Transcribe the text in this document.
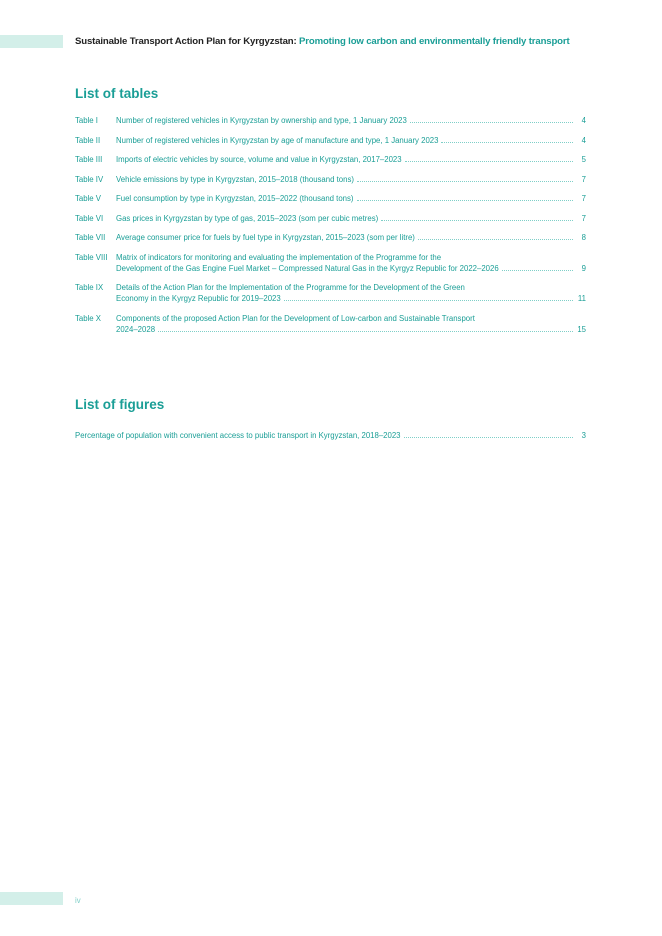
Sustainable Transport Action Plan for Kyrgyzstan: Promoting low carbon and environmentally friendly transport
List of tables
Table I	Number of registered vehicles in Kyrgyzstan by ownership and type, 1 January 2023	4
Table II	Number of registered vehicles in Kyrgyzstan by age of manufacture and type, 1 January 2023	4
Table III	Imports of electric vehicles by source, volume and value in Kyrgyzstan, 2017–2023	5
Table IV	Vehicle emissions by type in Kyrgyzstan, 2015–2018 (thousand tons)	7
Table V	Fuel consumption by type in Kyrgyzstan, 2015–2022 (thousand tons)	7
Table VI	Gas prices in Kyrgyzstan by type of gas, 2015–2023 (som per cubic metres)	7
Table VII	Average consumer price for fuels by fuel type in Kyrgyzstan, 2015–2023 (som per litre)	8
Table VIII	Matrix of indicators for monitoring and evaluating the implementation of the Programme for the
Development of the Gas Engine Fuel Market – Compressed Natural Gas in the Kyrgyz Republic for 2022–2026	9
Table IX	Details of the Action Plan for the Implementation of the Programme for the Development of the Green
Economy in the Kyrgyz Republic for 2019–2023	11
Table X	Components of the proposed Action Plan for the Development of Low-carbon and Sustainable Transport
2024–2028	15
List of figures
Percentage of population with convenient access to public transport in Kyrgyzstan, 2018–2023	3
iv
